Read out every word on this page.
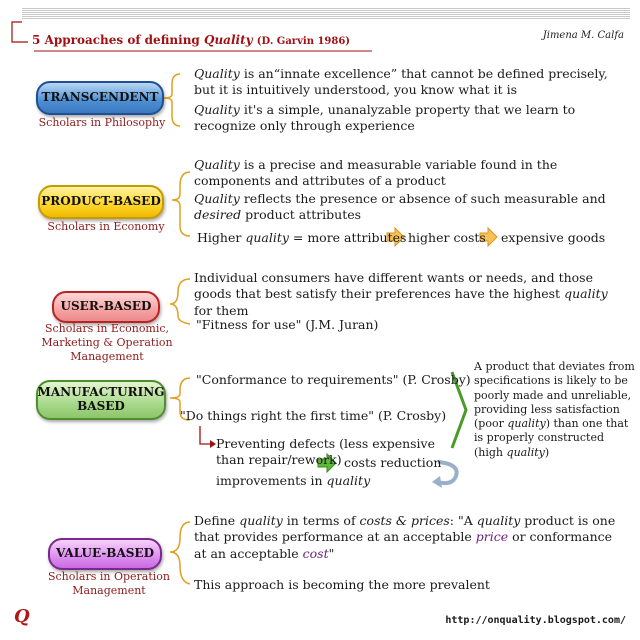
5 Approaches of defining Quality (D. Garvin 1986)
Jimena M. Calfa
TRANSCENDENT
Scholars in Philosophy
Quality is an“innate excellence” that cannot be defined precisely,
but it is intuitively understood, you know what it is
Quality it's a simple, unanalyzable property that we learn to recognize only through experience
PRODUCT-BASED
Scholars in Economy
Quality is a precise and measurable variable found in the components and attributes of a product
Quality reflects the presence or absence of such measurable and desired product attributes
Higher quality = more attributes higher costs expensive goods
USER-BASED
Scholars in Economic, Marketing & Operation Management
Individual consumers have different wants or needs, and those goods that best satisfy their preferences have the highest quality for them
"Fitness for use" (J.M. Juran)
MANUFACTURING BASED
"Conformance to requirements" (P. Crosby)
"Do things right the first time" (P. Crosby)
Preventing defects (less expensive than repair/rework) costs reduction
improvements in quality
A product that deviates from specifications is likely to be poorly made and unreliable, providing less satisfaction (poor quality) than one that is properly constructed (high quality)
VALUE-BASED
Scholars in Operation Management
Define quality in terms of costs & prices: "A quality product is one that provides performance at an acceptable price or conformance at an acceptable cost"
This approach is becoming the more prevalent
Q	http://onquality.blogspot.com/
